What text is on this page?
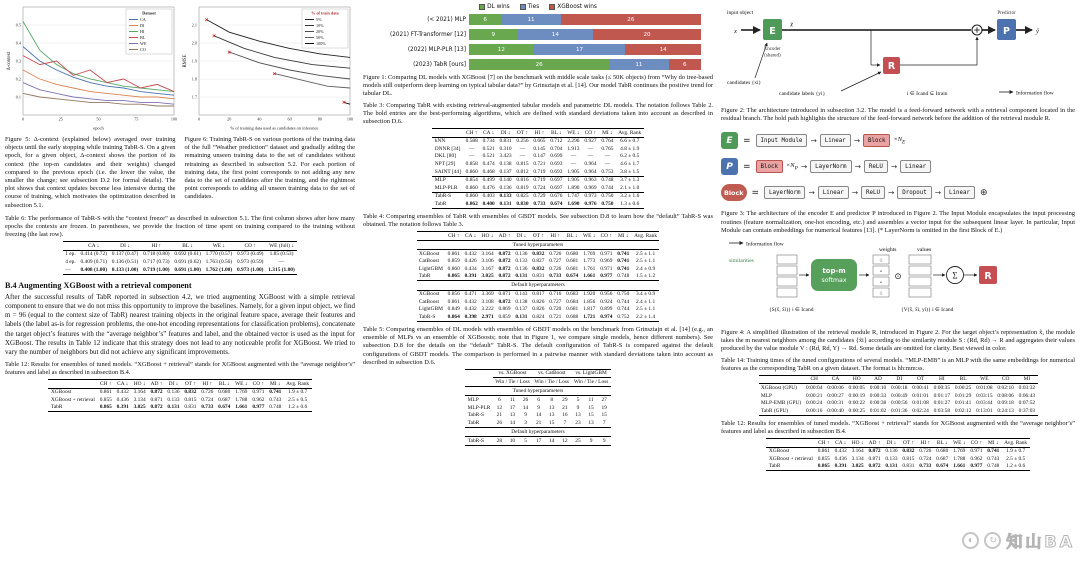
0.1
0.2
0.3
0.4
0.5
0	25	50	75	100
Δ-context
epoch
Dataset
CA
DI
HI
BL
WE
CO
1.7
1.8
1.9
2.0
2.1
0	20	40	60	80	100
✕
✕
✕
✕
✕
RMSE
% of training data used as candidates on inference
% of train data
5%
10%
20%
50%
100%

Figure 5: Δ-context (explained below) averaged over training objects until the early stopping while training TabR-S. On a given epoch, for a given object, Δ-context shows the portion of its context (the top-m candidates and their weights) changed compared to the previous epoch (i.e. the lower the value, the smaller the change; see subsection D.2 for formal details). The plot shows that context updates become less intensive during the course of training, which motivates the optimization described in subsection 5.1.

Figure 6: Training TabR-S on various portions of the training data of the full “Weather prediction” dataset and gradually adding the remaining unseen training data to the set of candidates without retraining as described in subsection 5.2. For each portion of training data, the first point corresponds to not adding any new data to the set of candidates after the training, and the rightmost point corresponds to adding all unseen training data to the set of candidates.

Table 6: The performance of TabR-S with the “context freeze” as described in subsection 5.1. The first column shows after how many epochs the contexts are frozen. In parentheses, we provide the fraction of time spent on training compared to the training without freezing (the last row).

	CA ↓	DI ↓	HI ↑	BL ↓	WE ↓	CO ↑	WE (full) ↓
1 ep.	0.414 (0.72)	0.137 (0.47)	0.718 (0.80)	0.692 (0.61)	1.770 (0.57)	0.973 (0.49)	1.85 (0.53)
4 ep.	0.409 (0.71)	0.136 (0.51)	0.717 (0.73)	0.691 (0.62)	1.763 (0.56)	0.973 (0.59)	—
—	0.408 (1.00)	0.133 (1.00)	0.719 (1.00)	0.691 (1.00)	1.762 (1.00)	0.973 (1.00)	1.315 (1.00)
B.4 Augmenting XGBoost with a retrieval component

After the successful results of TabR reported in subsection 4.2, we tried augmenting XGBoost with a simple retrieval component to ensure that we do not miss this opportunity to improve the baselines. Namely, for a given input object, we find m = 96 (equal to the context size of TabR) nearest training objects in the original feature space, average their features and labels (the label as-is for regression problems, the one-hot encoding representations for classification problems), concatenate the target object’s features with the “average neighbor’s” features and label, and the obtained vector is used as the input for XGBoost. The results in Table 12 indicate that this strategy does not lead to any noticeable profit for XGBoost. We tried to vary the number of neighbors but did not achieve any significant improvements.

Table 12: Results for ensembles of tuned models. “XGBoost + retrieval” stands for XGBoost augmented with the “average neighbor’s” features and label as described in subsection B.4.

	CH ↑	CA ↓	HO ↓	AD ↑	DI ↓	OT ↑	HI ↑	BL ↓	WE ↓	CO ↑	MI ↓	Avg. Rank
XGBoost	0.861	0.432	3.164	0.872	0.136	0.832	0.726	0.680	1.769	0.971	0.741	1.9 ± 0.7
XGBoost + retrieval	0.855	0.436	3.134	0.871	0.133	0.815	0.724	0.687	1.788	0.962	0.743	2.5 ± 0.5
TabR	0.865	0.391	3.025	0.872	0.131	0.831	0.733	0.674	1.661	0.977	0.748	1.2 ± 0.6
DL wins	Ties	XGBoost wins
(< 2021) MLP	6	11	26
(2021) FT-Transformer [12]	9	14	20
(2022) MLP-PLR [13]	12	17	14
(2023) TabR [ours]	26	11	6

Figure 1: Comparing DL models with XGBoost [7] on the benchmark with middle scale tasks (≤ 50K objects) from “Why do tree-based models still outperform deep learning on typical tabular data?” by Grinsztajn et al. [14]. Our model TabR continues the positive trend for tabular DL.

Table 3: Comparing TabR with existing retrieval-augmented tabular models and parametric DL models. The notation follows Table 2. The bold entries are the best-performing algorithms, which are defined with standard deviations taken into account as described in subsection D.6.

	CH ↑	CA ↓	DI ↓	OT ↑	HI ↑	BL ↓	WE ↓	CO ↑	MI ↓	Avg. Rank
kNN	0.588	0.734	0.831	0.256	0.665	0.712	2.296	0.927	0.764	6.6 ± 0.7
DNNR [34]	—	0.521	0.310	—	0.145	0.704	1.913	—	0.765	4.8 ± 1.9
DKL [80]	—	0.521	3.423	—	0.147	0.699	—	—	—	6.2 ± 0.5
NPT [29]	0.858	0.474	0.138	0.815	0.721	0.693	—	0.964	—	4.6 ± 1.7
SAINT [44]	0.860	0.468	0.137	0.812	0.719	0.693	1.905	0.964	0.753	3.8 ± 1.5

MLP	0.854	0.499	0.140	0.816	0.719	0.697	1.905	0.963	0.748	3.7 ± 1.3
MLP-PLR	0.860	0.476	0.136	0.819	0.724	0.697	1.890	0.969	0.744	2.1 ± 1.0

TabR-S	0.860	0.403	0.133	0.825	0.729	0.676	1.747	0.973	0.750	3.2 ± 1.6
TabR	0.862	0.400	0.131	0.830	0.733	0.674	1.690	0.976	0.750	1.3 ± 0.6

Table 4: Comparing ensembles of TabR with ensembles of GBDT models. See subsection D.8 to learn how the “default” TabR-S was obtained. The notation follows Table 3.

	CH ↑	CA ↓	HO ↓	AD ↑	DI ↓	OT ↑	HI ↑	BL ↓	WE ↓	CO ↑	MI ↓	Avg. Rank
Tuned hyperparameters												
XGBoost	0.861	0.432	3.164	0.872	0.136	0.832	0.726	0.680	1.769	0.971	0.741	2.5 ± 1.1
CatBoost	0.859	0.426	3.106	0.872	0.133	0.827	0.727	0.681	1.773	0.969	0.741	2.5 ± 1.1
LightGBM	0.860	0.434	3.167	0.872	0.136	0.832	0.726	0.681	1.761	0.971	0.741	2.4 ± 0.9
TabR	0.865	0.391	3.025	0.872	0.131	0.831	0.733	0.674	1.661	0.977	0.748	1.5 ± 1.2
Default hyperparameters												
XGBoost	0.856	0.471	3.369	0.871	0.143	0.817	0.716	0.683	1.920	0.956	0.750	3.4 ± 0.9
CatBoost	0.861	0.432	3.108	0.872	0.138	0.826	0.727	0.684	1.856	0.924	0.744	2.4 ± 1.1
LightGBM	0.849	0.432	3.222	0.869	0.137	0.826	0.720	0.681	1.817	0.899	0.744	2.5 ± 1.1
TabR-S	0.864	0.398	2.971	0.859	0.131	0.824	0.721	0.688	1.721	0.974	0.752	2.2 ± 1.4

Table 5: Comparing ensembles of DL models with ensembles of GBDT models on the benchmark from Grinsztajn et al. [14] (e.g., an ensemble of MLPs vs an ensemble of XGBoosts; note that in Figure 1, we compare single models, hence different numbers). See subsection D.8 for the details on the “default” TabR-S. The default configuration of TabR-S is compared against the default configurations of GBDT models. The comparison is performed in a pairwise manner with standard deviations taken into account as described in subsection D.6.

	vs. XGBoost			vs. CatBoost			vs. LightGBM		
	Win / Tie / Loss			Win / Tie / Loss			Win / Tie / Loss		
Tuned hyperparameters									
MLP	6	11	26	6	8	29	5	11	27
MLP-PLR	12	17	14	9	13	21	9	15	19
TabR-S	21	13	9	14	13	16	13	15	15
TabR	26	14	3	21	15	7	23	13	7
Default hyperparameters									
TabR-S	28	10	5	17	14	12	25	9	9
input object
x	E
Encoder
(shared)
candidates {xi}
x̃
P
Predictor
ŷ
R
candidate labels {yi}	i ∈ Icand ⊆ Itrain	Information flow

Figure 2: The architecture introduced in subsection 3.2. The model is a feed-forward network with a retrieval component located in the residual branch. The bold path highlights the structure of the feed-forward network before the addition of the retrieval module R.

E	=	Input Module	→	Linear	→	Block	$\times N_E$
P	=	Block	$\times N_P$ →	LayerNorm	→	ReLU	→	Linear
Block =	LayerNorm	→	Linear	→	ReLU	→	Dropout	→	Linear	⊕

Figure 3: The architecture of the encoder E and predictor P introduced in Figure 2. The Input Module encapsulates the input processing routines (feature normalization, one-hot encoding, etc.) and assembles a vector input for the subsequent linear layer. In particular, Input Module can contain embeddings for numerical features [13]. (* LayerNorm is omitted in the first Block of E.)

Information flow
similarities
top-m
softmax
weights
0
0
•
•
⊙
values
Σ	R
{S(x̃, x̃i)} i ∈ Icand	{V(x̃, x̃i, yi)} i ∈ Icand

Figure 4: A simplified illustration of the retrieval module R, introduced in Figure 2. For the target object’s representation x̃, the module takes the m nearest neighbors among the candidates {x̃i} according to the similarity module S : (Rd, Rd) → R and aggregates their values produced by the value module V : (Rd, Rd, Y) → Rd. Some details are omitted for clarity. Best viewed in color.

Table 14: Training times of the tuned configurations of several models. “MLP-EMB” is an MLP with the same embeddings for numerical features as the corresponding TabR on a given dataset. The format is hh:mm:ss.

	CH	CA	HO	AD	DI	OT	HI	BL	WE	CO	MI
XGBoost (GPU)	0:00:04	0:00:06	0:00:05	0:00:10	0:00:18	0:00:41	0:00:35	0:00:25	0:01:08	0:02:10	0:03:32
MLP	0:00:21	0:00:27	0:00:19	0:00:33	0:00:49	0:01:01	0:01:17	0:01:29	0:03:15	0:08:06	0:06:43
MLP-EMB (GPU)	0:00:24	0:00:31	0:00:22	0:00:38	0:00:56	0:01:08	0:01:27	0:01:41	0:03:44	0:09:18	0:07:52
TabR (GPU)	0:00:16	0:00:40	0:00:25	0:01:02	0:01:36	0:02:24	0:03:58	0:02:12	0:13:01	0:24:13	0:37:03

Table 12: Results for ensembles of tuned models. “XGBoost + retrieval” stands for XGBoost augmented with the “average neighbor’s” features and label as described in subsection B.4.

	CH ↑	CA ↓	HO ↓	AD ↑	DI ↓	OT ↑	HI ↑	BL ↓	WE ↓	CO ↑	MI ↓	Avg. Rank
XGBoost	0.861	0.432	3.164	0.872	0.136	0.832	0.726	0.680	1.769	0.971	0.741	1.9 ± 0.7
XGBoost + retrieval	0.855	0.436	3.134	0.871	0.133	0.815	0.724	0.687	1.788	0.962	0.743	2.5 ± 0.5
TabR	0.865	0.391	3.025	0.872	0.131	0.831	0.733	0.674	1.661	0.977	0.748	1.2 ± 0.6
◐	↻ 知山BA
